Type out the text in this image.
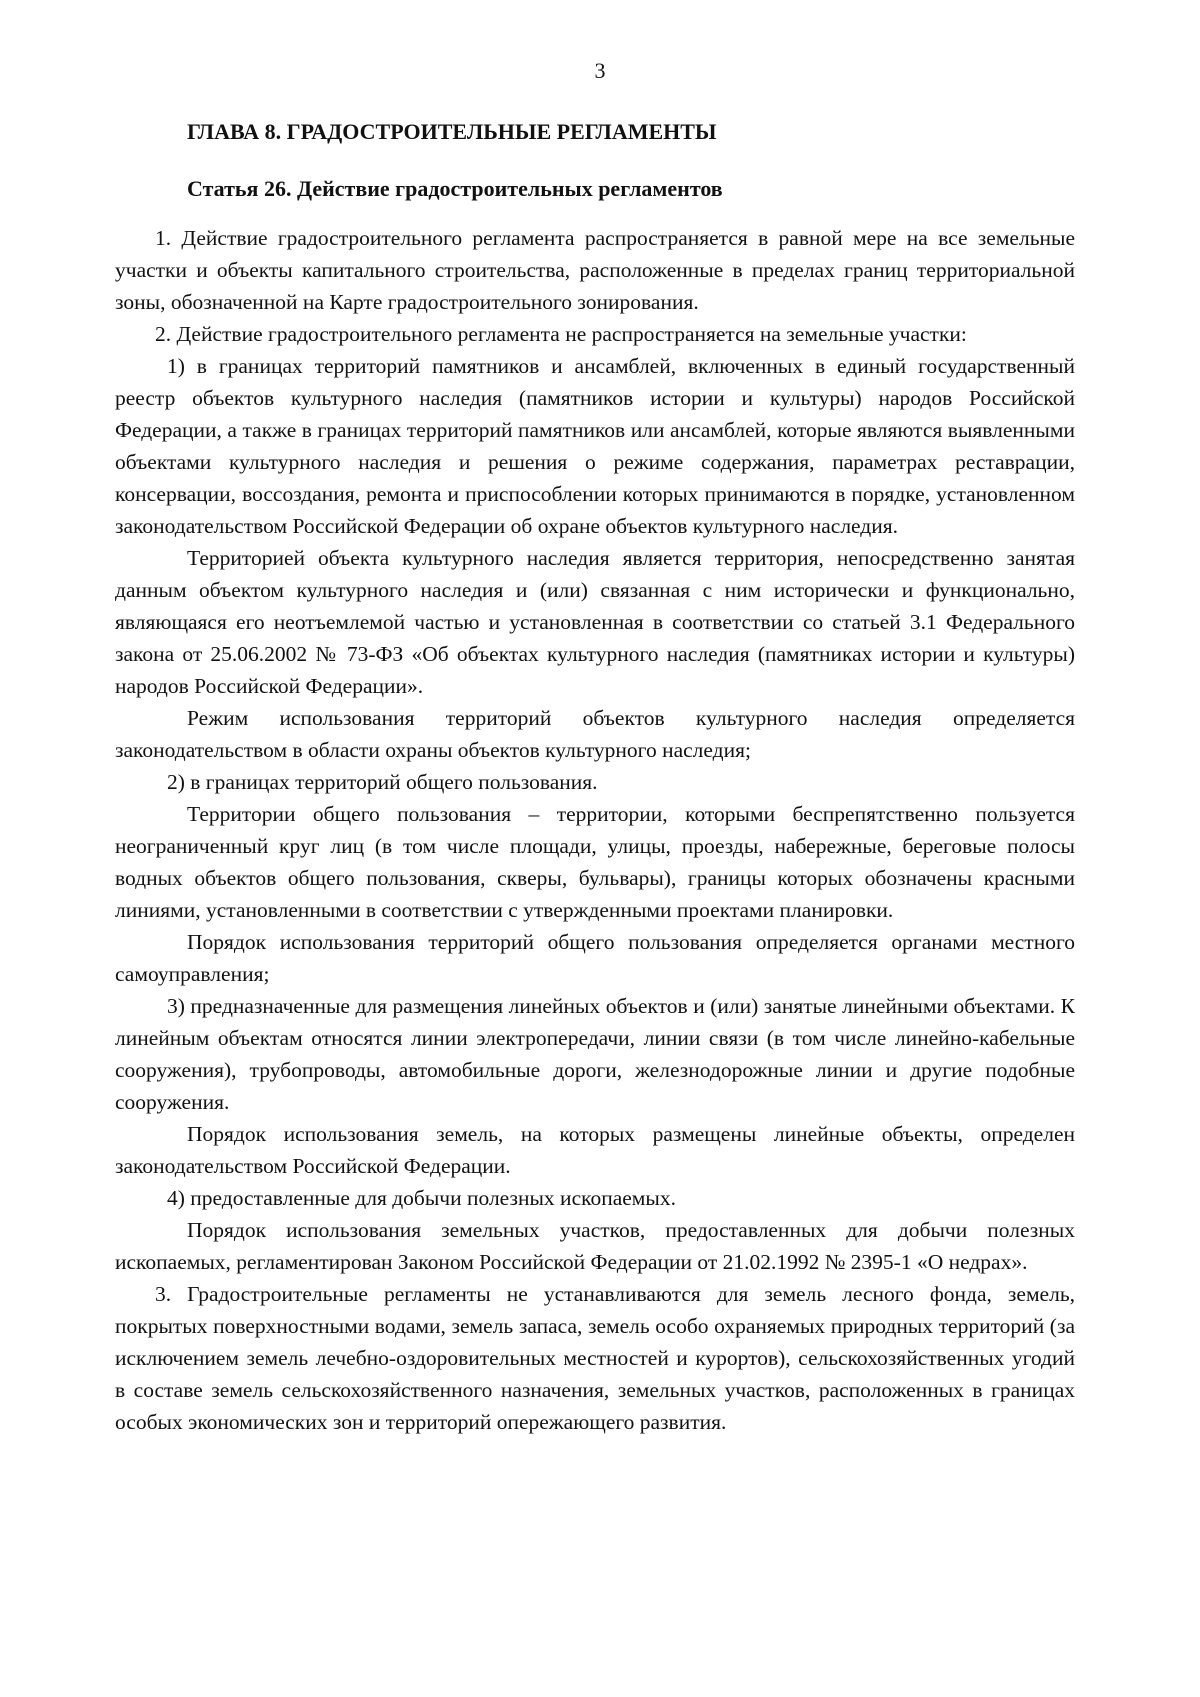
3
ГЛАВА 8. ГРАДОСТРОИТЕЛЬНЫЕ РЕГЛАМЕНТЫ
Статья 26. Действие градостроительных регламентов

1. Действие градостроительного регламента распространяется в равной мере на все земельные участки и объекты капитального строительства, расположенные в пределах границ территориальной зоны, обозначенной на Карте градостроительного зонирования.

2. Действие градостроительного регламента не распространяется на земельные участки:

1) в границах территорий памятников и ансамблей, включенных в единый государственный реестр объектов культурного наследия (памятников истории и культуры) народов Российской Федерации, а также в границах территорий памятников или ансамблей, которые являются выявленными объектами культурного наследия и решения о режиме содержания, параметрах реставрации, консервации, воссоздания, ремонта и приспособлении которых принимаются в порядке, установленном законодательством Российской Федерации об охране объектов культурного наследия.

Территорией объекта культурного наследия является территория, непосредственно занятая данным объектом культурного наследия и (или) связанная с ним исторически и функционально, являющаяся его неотъемлемой частью и установленная в соответствии со статьей 3.1 Федерального закона от 25.06.2002 № 73-ФЗ «Об объектах культурного наследия (памятниках истории и культуры) народов Российской Федерации».

Режим использования территорий объектов культурного наследия определяется законодательством в области охраны объектов культурного наследия;

2) в границах территорий общего пользования.

Территории общего пользования – территории, которыми беспрепятственно пользуется неограниченный круг лиц (в том числе площади, улицы, проезды, набережные, береговые полосы водных объектов общего пользования, скверы, бульвары), границы которых обозначены красными линиями, установленными в соответствии с утвержденными проектами планировки.

Порядок использования территорий общего пользования определяется органами местного самоуправления;

3) предназначенные для размещения линейных объектов и (или) занятые линейными объектами. К линейным объектам относятся линии электропередачи, линии связи (в том числе линейно-кабельные сооружения), трубопроводы, автомобильные дороги, железнодорожные линии и другие подобные сооружения.

Порядок использования земель, на которых размещены линейные объекты, определен законодательством Российской Федерации.

4) предоставленные для добычи полезных ископаемых.

Порядок использования земельных участков, предоставленных для добычи полезных ископаемых, регламентирован Законом Российской Федерации от 21.02.1992 № 2395-1 «О недрах».

3. Градостроительные регламенты не устанавливаются для земель лесного фонда, земель, покрытых поверхностными водами, земель запаса, земель особо охраняемых природных территорий (за исключением земель лечебно-оздоровительных местностей и курортов), сельскохозяйственных угодий в составе земель сельскохозяйственного назначения, земельных участков, расположенных в границах особых экономических зон и территорий опережающего развития.
